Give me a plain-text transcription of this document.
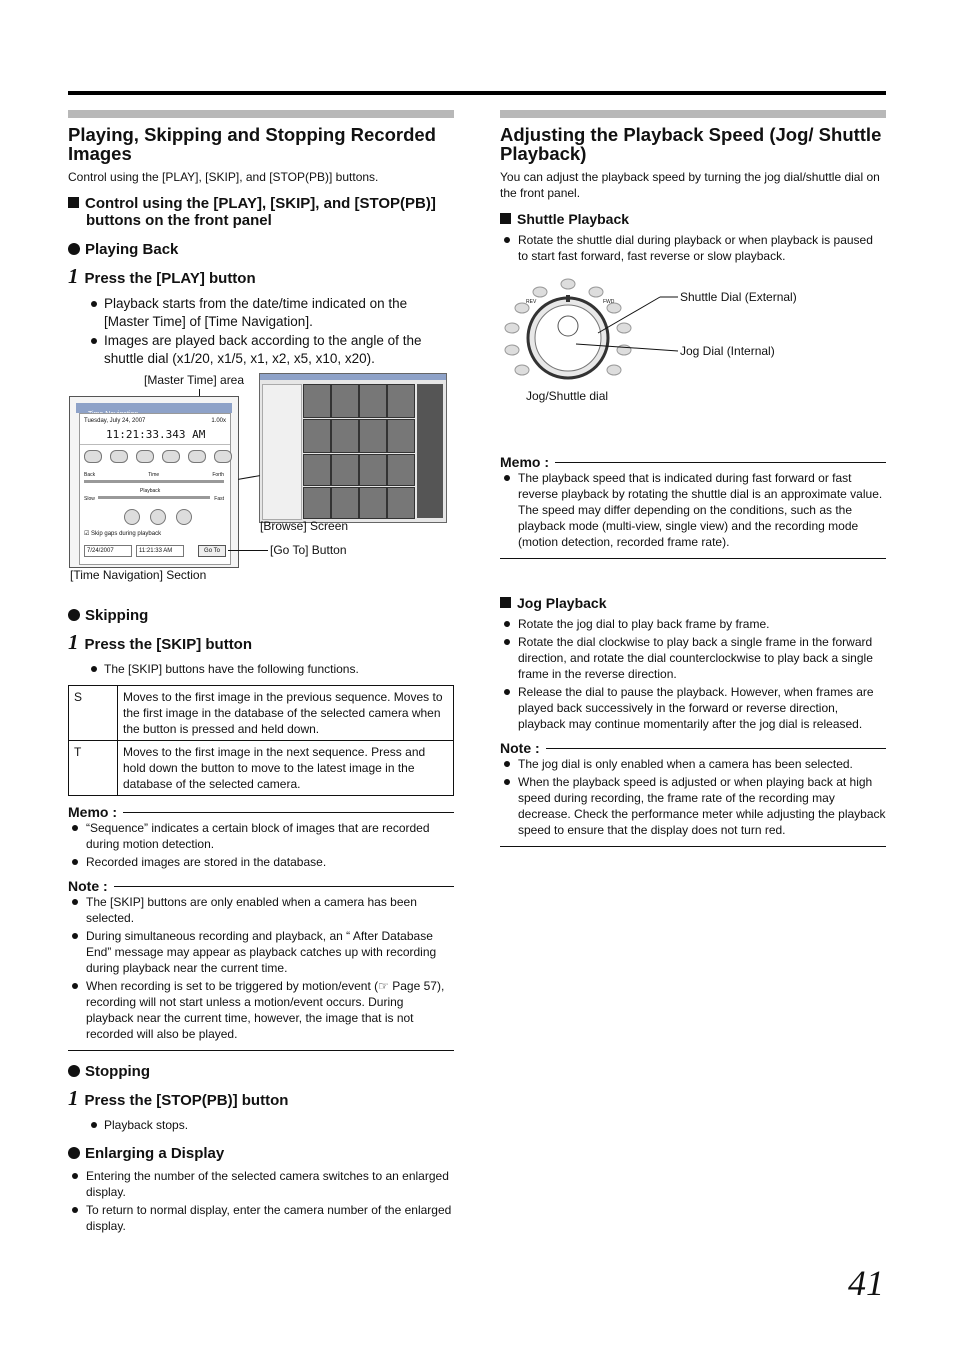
Playing, Skipping and Stopping Recorded Images

Control using the [PLAY], [SKIP], and [STOP(PB)] buttons.

Control using the [PLAY], [SKIP], and [STOP(PB)] buttons on the front panel
Playing Back
1 Press the [PLAY] button
Playback starts from the date/time indicated on the [Master Time] of [Time Navigation].
Images are played back according to the angle of the shuttle dial (x1/20, x1/5, x1, x2, x5, x10, x20).
[Master Time] area
Tuesday, July 24, 2007	1.00x
11:21:33.343 AM
Back	Time	Forth
Playback
Slow	Fast
☑ Skip gaps during playback
7/24/2007	11:21:33 AM	Go To
[Browse] Screen
[Go To] Button
[Time Navigation] Section
Skipping
1 Press the [SKIP] button
The [SKIP] buttons have the following functions.
S	Moves to the first image in the previous sequence. Moves to the first image in the database of the selected camera when the button is pressed and held down.
T	Moves to the first image in the next sequence. Press and hold down the button to move to the latest image in the database of the selected camera.
Memo :
“Sequence” indicates a certain block of images that are recorded during motion detection.
Recorded images are stored in the database.
Note :
The [SKIP] buttons are only enabled when a camera has been selected.
During simultaneous recording and playback, an “ After Database End” message may appear as playback catches up with recording during playback near the current time.
When recording is set to be triggered by motion/event (☞ Page 57), recording will not start unless a motion/event occurs. During playback near the current time, however, the image that is not recorded will also be played.
Stopping
1 Press the [STOP(PB)] button
Playback stops.
Enlarging a Display
Entering the number of the selected camera switches to an enlarged display.
To return to normal display, enter the camera number of the enlarged display.
Adjusting the Playback Speed (Jog/ Shuttle Playback)

You can adjust the playback speed by turning the jog dial/shuttle dial on the front panel.

Shuttle Playback
Rotate the shuttle dial during playback or when playback is paused to start fast forward, fast reverse or slow playback.
REV	FWD	Shuttle Dial (External)
Jog Dial (Internal)
Jog/Shuttle dial
Memo :
The playback speed that is indicated during fast forward or fast reverse playback by rotating the shuttle dial is an approximate value. The speed may differ depending on the conditions, such as the playback mode (multi-view, single view) and the recording mode (motion detection, recorded frame rate).
Jog Playback
Rotate the jog dial to play back frame by frame.
Rotate the dial clockwise to play back a single frame in the forward direction, and rotate the dial counterclockwise to play back a single frame in the reverse direction.
Release the dial to pause the playback. However, when frames are played back successively in the forward or reverse direction, playback may continue momentarily after the jog dial is released.
Note :
The jog dial is only enabled when a camera has been selected.
When the playback speed is adjusted or when playing back at high speed during recording, the frame rate of the recording may decrease. Check the performance meter while adjusting the playback speed to ensure that the display does not turn red.
41
